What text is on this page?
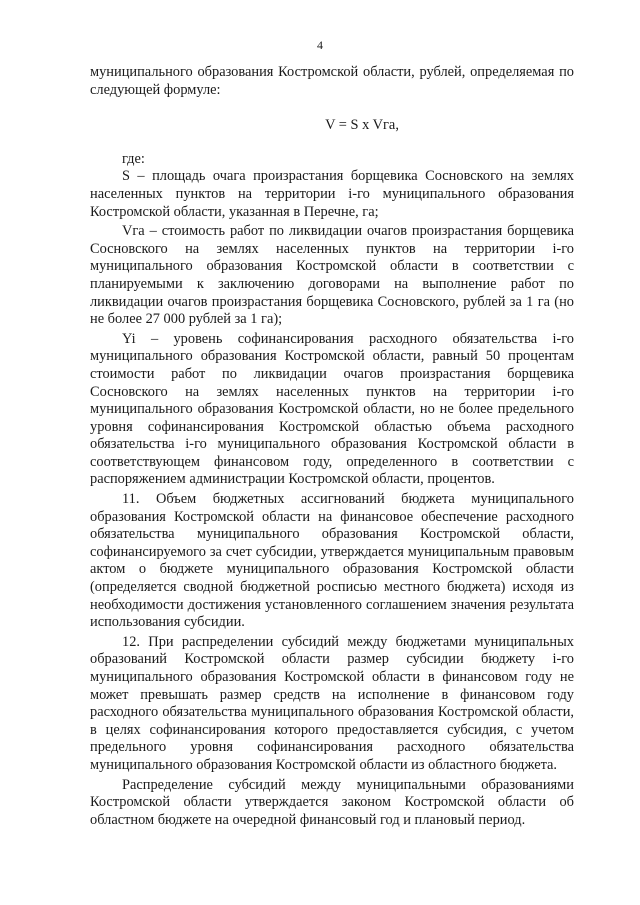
4

муниципального образования Костромской области, рублей, определяемая по следующей формуле:

V = S x Vга,

где:

S – площадь очага произрастания борщевика Сосновского на землях населенных пунктов на территории i-го муниципального образования Костромской области, указанная в Перечне, га;

Vга – стоимость работ по ликвидации очагов произрастания борщевика Сосновского на землях населенных пунктов на территории i-го муниципального образования Костромской области в соответствии с планируемыми к заключению договорами на выполнение работ по ликвидации очагов произрастания борщевика Сосновского, рублей за 1 га (но не более 27 000 рублей за 1 га);

Yi – уровень софинансирования расходного обязательства i-го муниципального образования Костромской области, равный 50 процентам стоимости работ по ликвидации очагов произрастания борщевика Сосновского на землях населенных пунктов на территории i-го муниципального образования Костромской области, но не более предельного уровня софинансирования Костромской областью объема расходного обязательства i-го муниципального образования Костромской области в соответствующем финансовом году, определенного в соответствии с распоряжением администрации Костромской области, процентов.

11. Объем бюджетных ассигнований бюджета муниципального образования Костромской области на финансовое обеспечение расходного обязательства муниципального образования Костромской области, софинансируемого за счет субсидии, утверждается муниципальным правовым актом о бюджете муниципального образования Костромской области (определяется сводной бюджетной росписью местного бюджета) исходя из необходимости достижения установленного соглашением значения результата использования субсидии.

12. При распределении субсидий между бюджетами муниципальных образований Костромской области размер субсидии бюджету i-го муниципального образования Костромской области в финансовом году не может превышать размер средств на исполнение в финансовом году расходного обязательства муниципального образования Костромской области, в целях софинансирования которого предоставляется субсидия, с учетом предельного уровня софинансирования расходного обязательства муниципального образования Костромской области из областного бюджета.

Распределение субсидий между муниципальными образованиями Костромской области утверждается законом Костромской области об областном бюджете на очередной финансовый год и плановый период.
